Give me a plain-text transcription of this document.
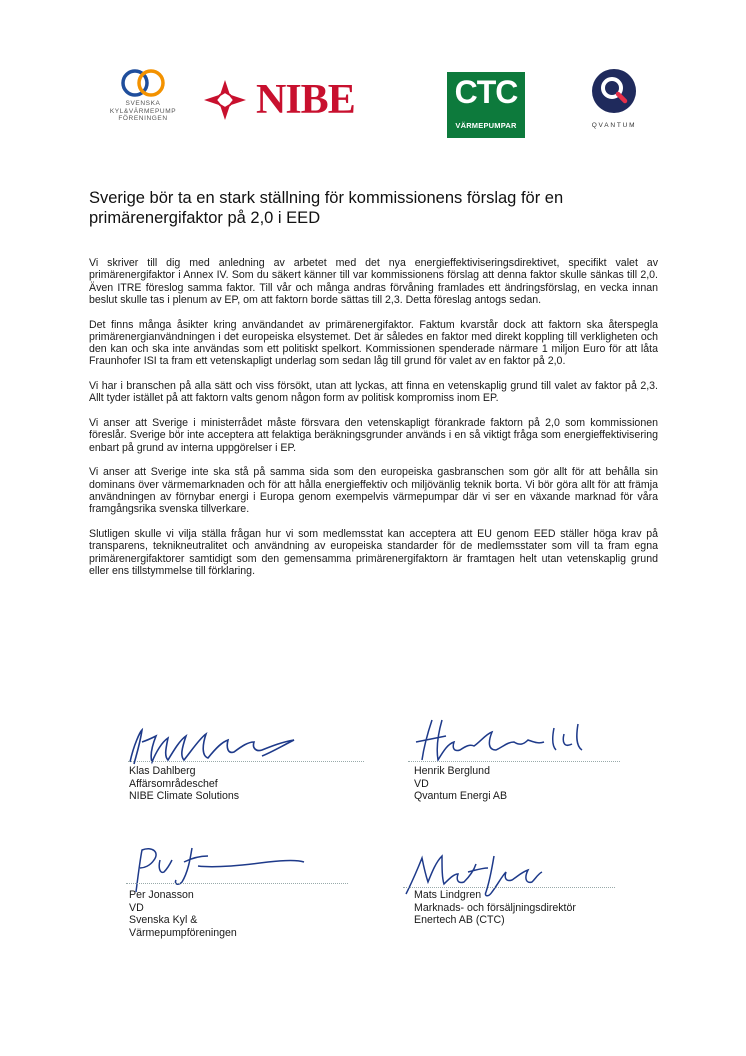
SVENSKA
KYL&VÄRMEPUMP
FÖRENINGEN	NIBE	CTC
VÄRMEPUMPAR	QVANTUM
Sverige bör ta en stark ställning för kommissionens förslag för en primärenergifaktor på 2,0 i EED

Vi skriver till dig med anledning av arbetet med det nya energieffektiviseringsdirektivet, specifikt valet av primärenergifaktor i Annex IV. Som du säkert känner till var kommissionens förslag att denna faktor skulle sänkas till 2,0. Även ITRE föreslog samma faktor. Till vår och många andras förvåning framlades ett ändringsförslag, en vecka innan beslut skulle tas i plenum av EP, om att faktorn borde sättas till 2,3. Detta föreslag antogs sedan.

Det finns många åsikter kring användandet av primärenergifaktor. Faktum kvarstår dock att faktorn ska återspegla primärenergianvändningen i det europeiska elsystemet. Det är således en faktor med direkt koppling till verkligheten och den kan och ska inte användas som ett politiskt spelkort. Kommissionen spenderade närmare 1 miljon Euro för att låta Fraunhofer ISI ta fram ett vetenskapligt underlag som sedan låg till grund för valet av en faktor på 2,0.

Vi har i branschen på alla sätt och viss försökt, utan att lyckas, att finna en vetenskaplig grund till valet av faktor på 2,3. Allt tyder istället på att faktorn valts genom någon form av politisk kompromiss inom EP.

Vi anser att Sverige i ministerrådet måste försvara den vetenskapligt förankrade faktorn på 2,0 som kommissionen föreslår. Sverige bör inte acceptera att felaktiga beräkningsgrunder används i en så viktigt fråga som energieffektivisering enbart på grund av interna uppgörelser i EP.

Vi anser att Sverige inte ska stå på samma sida som den europeiska gasbranschen som gör allt för att behålla sin dominans över värmemarknaden och för att hålla energieffektiv och miljövänlig teknik borta. Vi bör göra allt för att främja användningen av förnybar energi i Europa genom exempelvis värmepumpar där vi ser en växande marknad för våra framgångsrika svenska tillverkare.

Slutligen skulle vi vilja ställa frågan hur vi som medlemsstat kan acceptera att EU genom EED ställer höga krav på transparens, teknikneutralitet och användning av europeiska standarder för de medlemsstater som vill ta fram egna primärenergifaktorer samtidigt som den gemensamma primärenergifaktorn är framtagen helt utan vetenskaplig grund eller ens tillstymmelse till förklaring.

Klas Dahlberg
Affärsområdeschef
NIBE Climate Solutions
Henrik Berglund
VD
Qvantum Energi AB
Per Jonasson
VD
Svenska Kyl &
Värmepumpföreningen
Mats Lindgren
Marknads- och försäljningsdirektör
Enertech AB (CTC)
